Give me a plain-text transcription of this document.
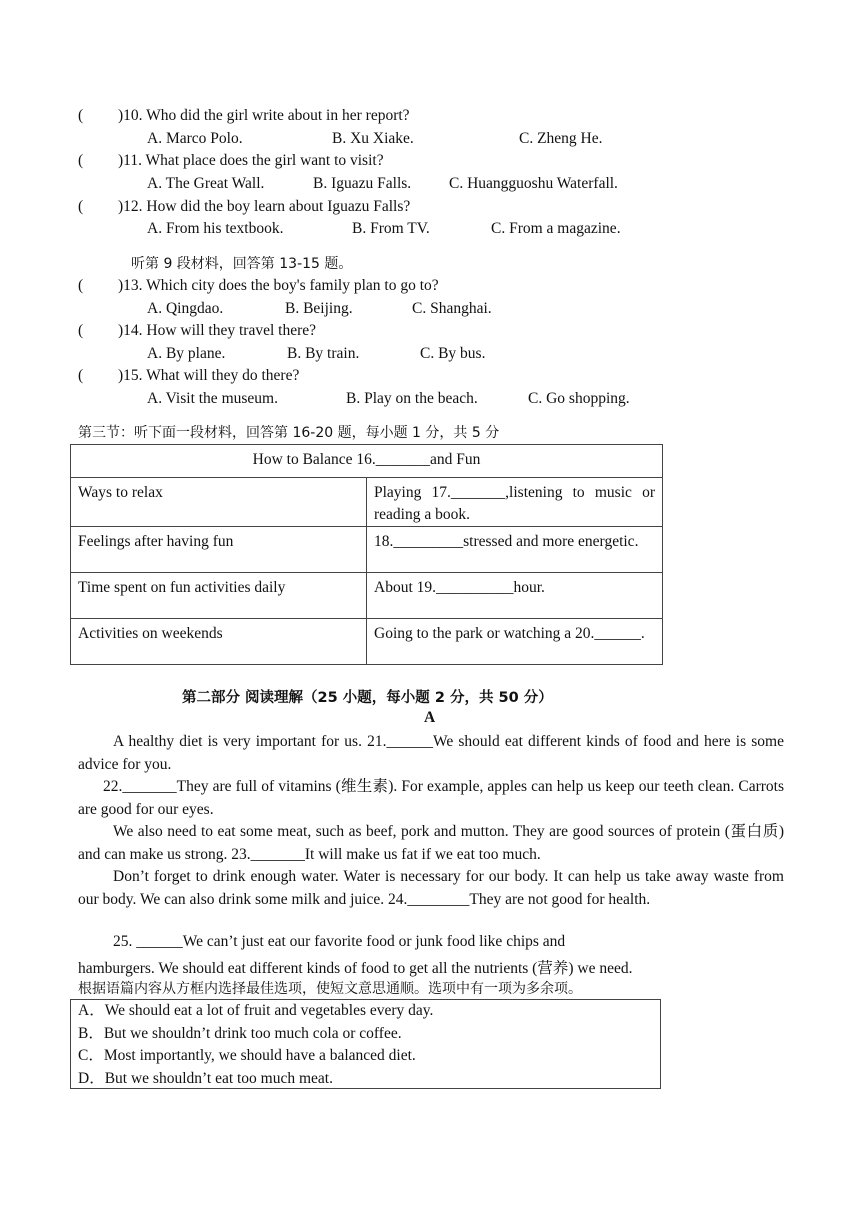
( )10. Who did the girl write about in her report?
A. Marco Polo.	B. Xu Xiake.	C. Zheng He.
( )11. What place does the girl want to visit?
A. The Great Wall.	B. Iguazu Falls. C. Huangguoshu Waterfall.
( )12. How did the boy learn about Iguazu Falls?
A. From his textbook.	B. From TV.	C. From a magazine.
听第 9 段材料，回答第 13-15 题。
( )13. Which city does the boy's family plan to go to?
A. Qingdao.	B. Beijing.	C. Shanghai.
( )14. How will they travel there?
A. By plane.	B. By train.	C. By bus.
( )15. What will they do there?
A. Visit the museum.	B. Play on the beach.	C. Go shopping.
第三节：听下面一段材料，回答第 16-20 题，每小题 1 分，共 5 分
How to Balance 16._______and Fun	
Ways to relax	Playing 17._______,listening to music or reading a book.
Feelings after having fun	18._________stressed and more energetic.
Time spent on fun activities daily	About 19.__________hour.
Activities on weekends	Going to the park or watching a 20.______.
第二部分 阅读理解（25 小题，每小题 2 分，共 50 分）
A
A healthy diet is very important for us. 21.______We should eat different kinds of food and here is some advice for you.
22._______They are full of vitamins (维生素). For example, apples can help us keep our teeth clean. Carrots are good for our eyes.
We also need to eat some meat, such as beef, pork and mutton. They are good sources of protein (蛋白质) and can make us strong. 23._______It will make us fat if we eat too much.
Don’t forget to drink enough water. Water is necessary for our body. It can help us take away waste from our body. We can also drink some milk and juice. 24.________They are not good for health.
25. ______We can’t just eat our favorite food or junk food like chips and
hamburgers. We should eat different kinds of food to get all the nutrients (营养) we need.
根据语篇内容从方框内选择最佳选项，使短文意思通顺。选项中有一项为多余项。
A．We should eat a lot of fruit and vegetables every day.
B．But we shouldn’t drink too much cola or coffee.
C．Most importantly, we should have a balanced diet.
D．But we shouldn’t eat too much meat.
